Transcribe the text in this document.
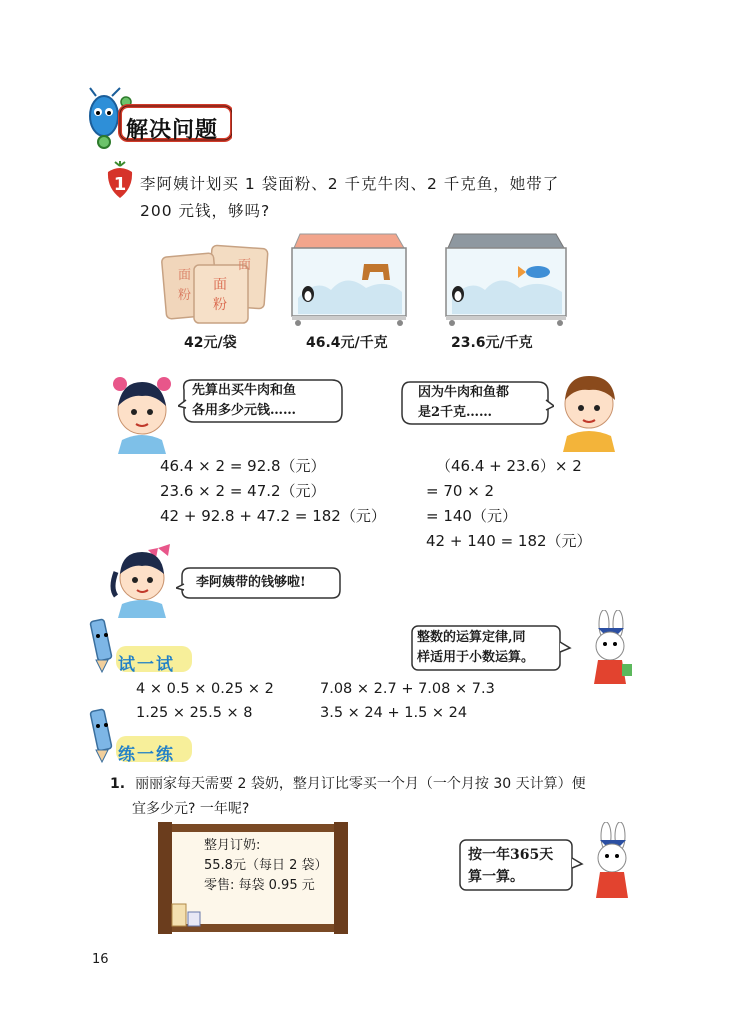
解决问题
1 李阿姨计划买 1 袋面粉、2 千克牛肉、2 千克鱼，她带了
200 元钱，够吗?
面
面
粉
面
粉
42元/袋	46.4元/千克	23.6元/千克
先算出买牛肉和鱼
各用多少元钱……
因为牛肉和鱼都
是2千克……
46.4 × 2 = 92.8（元）
23.6 × 2 = 47.2（元）
42 + 92.8 + 47.2 = 182（元）
（46.4 + 23.6）× 2
= 70 × 2
= 140（元）
42 + 140 = 182（元）
李阿姨带的钱够啦!
试一试
整数的运算定律,同
样适用于小数运算。
4 × 0.5 × 0.25 × 2	7.08 × 2.7 + 7.08 × 7.3
1.25 × 25.5 × 8	3.5 × 24 + 1.5 × 24
练一练
1. 丽丽家每天需要 2 袋奶，整月订比零买一个月（一个月按 30 天计算）便
宜多少元? 一年呢?
整月订奶:
55.8元（每日 2 袋）
零售: 每袋 0.95 元
按一年365天
算一算。
16
